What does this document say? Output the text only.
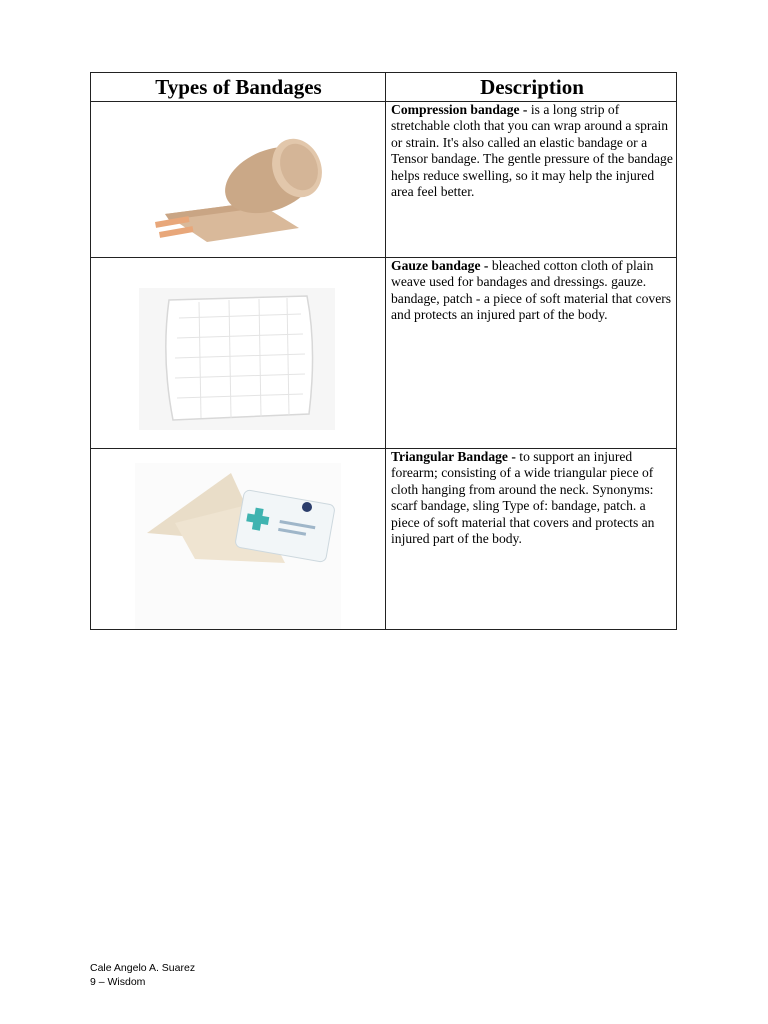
Types of Bandages	Description
Compression bandage - is a long strip of stretchable cloth that you can wrap around a sprain or strain. It's also called an elastic bandage or a Tensor bandage. The gentle pressure of the bandage helps reduce swelling, so it may help the injured area feel better.
Gauze bandage - bleached cotton cloth of plain weave used for bandages and dressings. gauze. bandage, patch - a piece of soft material that covers and protects an injured part of the body.
Triangular Bandage - to support an injured forearm; consisting of a wide triangular piece of cloth hanging from around the neck. Synonyms: scarf bandage, sling Type of: bandage, patch. a piece of soft material that covers and protects an injured part of the body.
Cale Angelo A. Suarez
9 – Wisdom
